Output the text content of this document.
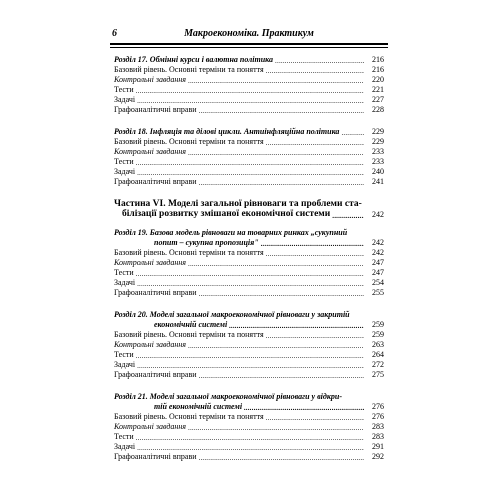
6	Макроекономіка. Практикум
Розділ 17. Обмінні курси і валютна політика .....	216
Базовий рівень. Основні терміни та поняття .....	216
Контрольні завдання .....	220
Тести .....	221
Задачі .....	227
Графоаналітичні вправи .....	228
Розділ 18. Інфляція та ділові цикли. Антиінфляційна політика .....	229
Базовий рівень. Основні терміни та поняття .....	229
Контрольні завдання .....	233
Тести .....	233
Задачі .....	240
Графоаналітичні вправи .....	241
Частина VI. Моделі загальної рівноваги та проблеми ста-
білізації розвитку змішаної економічної системи .....	242
Розділ 19. Базова модель рівноваги на товарних ринках „сукупний
попит – сукупна пропозиція" .....	242
Базовий рівень. Основні терміни та поняття .....	242
Контрольні завдання .....	247
Тести .....	247
Задачі .....	254
Графоаналітичні вправи .....	255
Розділ 20. Моделі загальної макроекономічної рівноваги у закритій
економічній системі .....	259
Базовий рівень. Основні терміни та поняття .....	259
Контрольні завдання .....	263
Тести .....	264
Задачі .....	272
Графоаналітичні вправи .....	275
Розділ 21. Моделі загальної макроекономічної рівноваги у відкри-
тій економічній системі .....	276
Базовий рівень. Основні терміни та поняття .....	276
Контрольні завдання .....	283
Тести .....	283
Задачі .....	291
Графоаналітичні вправи .....	292
